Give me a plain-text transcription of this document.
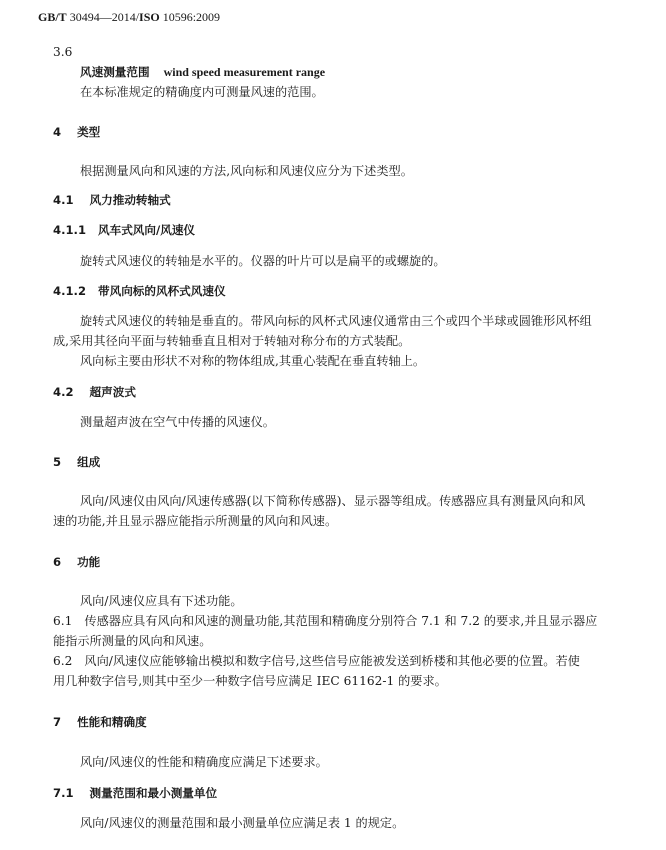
GB/T 30494—2014/ISO 10596:2009
3.6
风速测量范围 wind speed measurement range
在本标准规定的精确度内可测量风速的范围。
4 类型
根据测量风向和风速的方法,风向标和风速仪应分为下述类型。
4.1 风力推动转轴式
4.1.1 风车式风向/风速仪
旋转式风速仪的转轴是水平的。仪器的叶片可以是扁平的或螺旋的。
4.1.2 带风向标的风杯式风速仪
旋转式风速仪的转轴是垂直的。带风向标的风杯式风速仪通常由三个或四个半球或圆锥形风杯组
成,采用其径向平面与转轴垂直且相对于转轴对称分布的方式装配。
风向标主要由形状不对称的物体组成,其重心装配在垂直转轴上。
4.2 超声波式
测量超声波在空气中传播的风速仪。
5 组成
风向/风速仪由风向/风速传感器(以下简称传感器)、显示器等组成。传感器应具有测量风向和风
速的功能,并且显示器应能指示所测量的风向和风速。
6 功能
风向/风速仪应具有下述功能。
6.1 传感器应具有风向和风速的测量功能,其范围和精确度分别符合 7.1 和 7.2 的要求,并且显示器应
能指示所测量的风向和风速。
6.2 风向/风速仪应能够输出模拟和数字信号,这些信号应能被发送到桥楼和其他必要的位置。若使
用几种数字信号,则其中至少一种数字信号应满足 IEC 61162-1 的要求。
7 性能和精确度
风向/风速仪的性能和精确度应满足下述要求。
7.1 测量范围和最小测量单位
风向/风速仪的测量范围和最小测量单位应满足表 1 的规定。
